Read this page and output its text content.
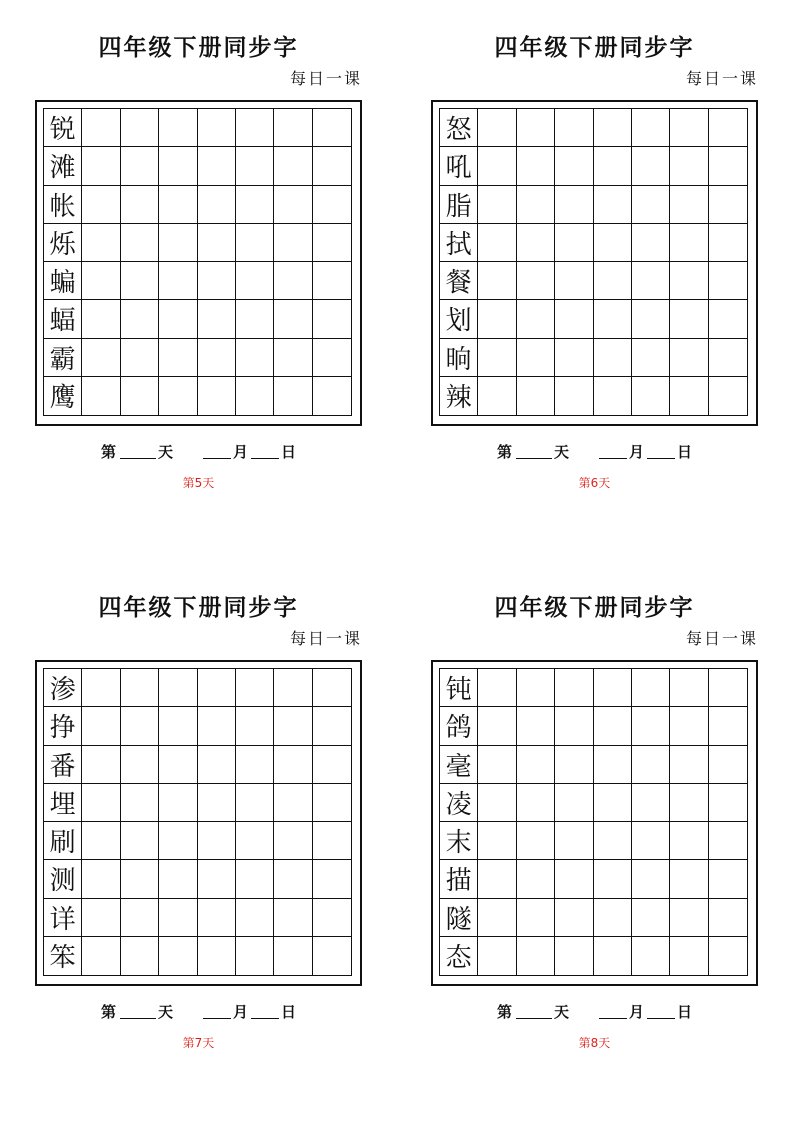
四年级下册同步字
每日一课
锐
滩
帐
烁
蝙
蝠
霸
鹰
第	天	月 日
第5天
四年级下册同步字
每日一课
怒
吼
脂
拭
餐
划
晌
辣
第	天	月 日
第6天
四年级下册同步字
每日一课
渗
挣
番
埋
刷
测
详
笨
第	天	月 日
第7天
四年级下册同步字
每日一课
钝
鸽
毫
凌
末
描
隧
态
第	天	月 日
第8天
